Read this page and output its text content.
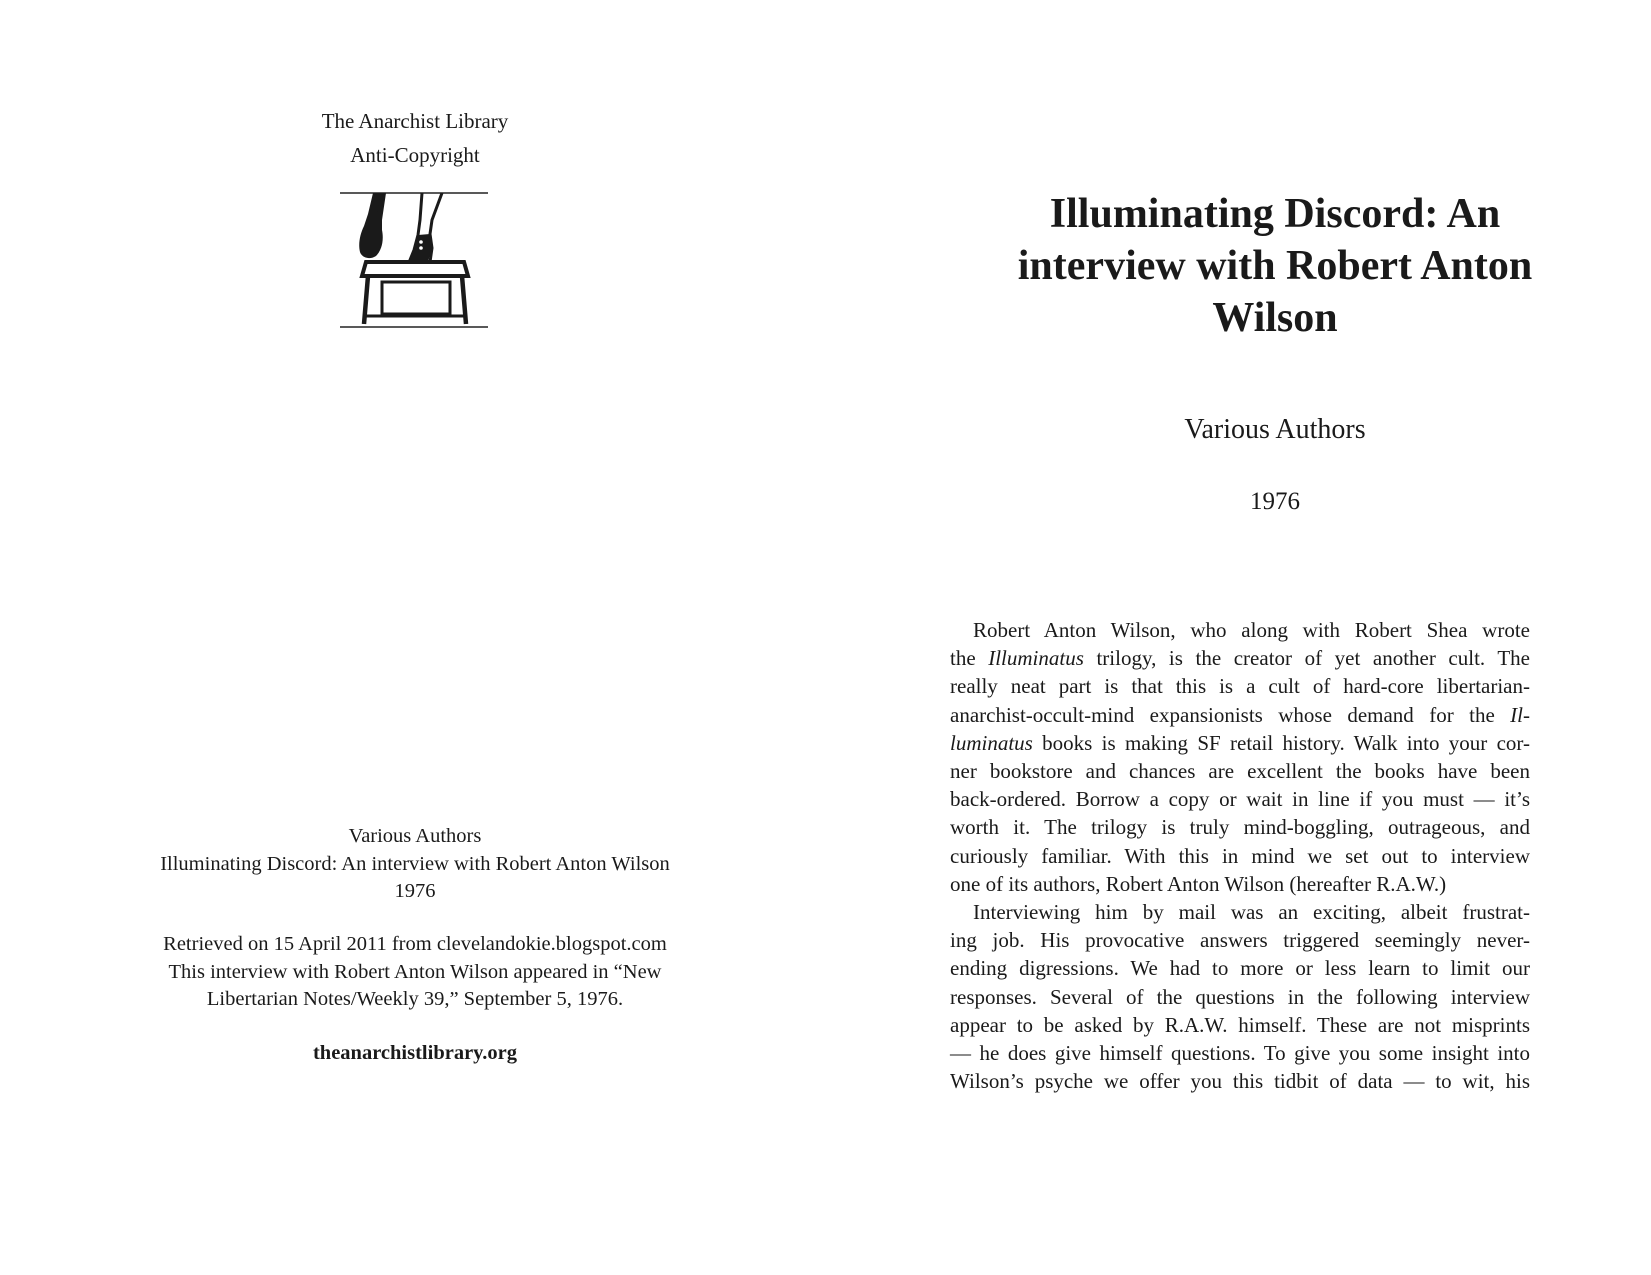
The Anarchist Library
Anti-Copyright
Various Authors
Illuminating Discord: An interview with Robert Anton Wilson
1976
Retrieved on 15 April 2011 from clevelandokie.blogspot.com
This interview with Robert Anton Wilson appeared in “New
Libertarian Notes/Weekly 39,” September 5, 1976.
theanarchistlibrary.org
Illuminating Discord: An
interview with Robert Anton
Wilson
Various Authors
1976
Robert Anton Wilson, who along with Robert Shea wrote
the Illuminatus trilogy, is the creator of yet another cult. The
really neat part is that this is a cult of hard-core libertarian-
anarchist-occult-mind expansionists whose demand for the Il-
luminatus books is making SF retail history. Walk into your cor-
ner bookstore and chances are excellent the books have been
back-ordered. Borrow a copy or wait in line if you must — it’s
worth it. The trilogy is truly mind-boggling, outrageous, and
curiously familiar. With this in mind we set out to interview
one of its authors, Robert Anton Wilson (hereafter R.A.W.)
Interviewing him by mail was an exciting, albeit frustrat-
ing job. His provocative answers triggered seemingly never-
ending digressions. We had to more or less learn to limit our
responses. Several of the questions in the following interview
appear to be asked by R.A.W. himself. These are not misprints
— he does give himself questions. To give you some insight into
Wilson’s psyche we offer you this tidbit of data — to wit, his
